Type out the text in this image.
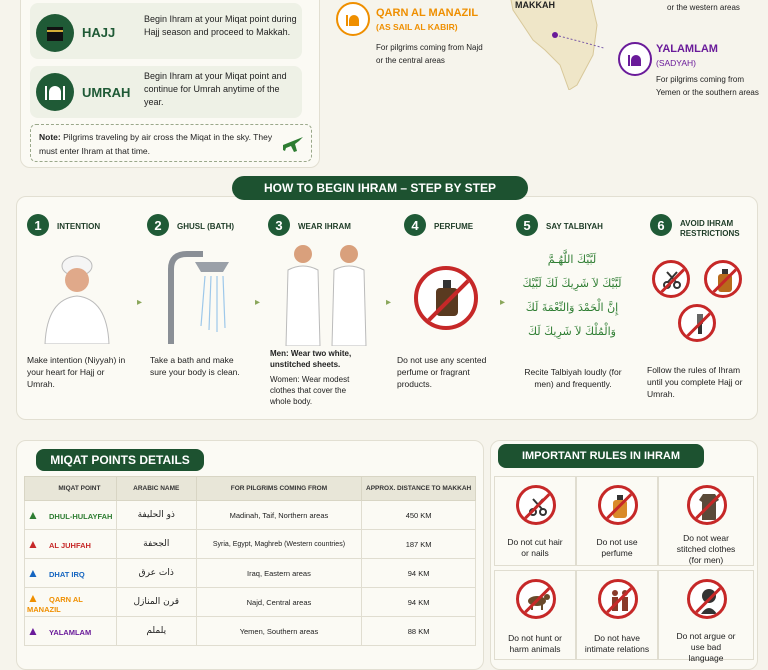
HAJJ
Begin Ihram at your Miqat point during Hajj season and proceed to Makkah.
UMRAH
Begin Ihram at your Miqat point and continue for Umrah anytime of the year.
Note: Pilgrims traveling by air cross the Miqat in the sky. They must enter Ihram at that time.
QARN AL MANAZIL
(AS SAIL AL KABIR)
For pilgrims coming from Najd or the central areas
MAKKAH	or the western areas
YALAMLAM
(SADYAH)
For pilgrims coming from Yemen or the southern areas
HOW TO BEGIN IHRAM – STEP BY STEP
1	INTENTION
Make intention (Niyyah) in your heart for Hajj or Umrah.
▸
2	GHUSL (BATH)
Take a bath and make sure your body is clean.
▸
3	WEAR IHRAM
Men: Wear two white, unstitched sheets.
Women: Wear modest clothes that cover the whole body.
▸
4	PERFUME
Do not use any scented perfume or fragrant products.
▸
5	SAY TALBIYAH
لَبَّيْكَ اللَّهُـمَّ
لَبَّيْكَ لاَ شَرِيكَ لَكَ لَبَّيْكَ
إِنَّ الْحَمْدَ وَالنِّعْمَةَ لَكَ
وَالْمُلْكَ لاَ شَرِيكَ لَكَ
Recite Talbiyah loudly (for men) and frequently.
6	AVOID IHRAM RESTRICTIONS
Follow the rules of Ihram until you complete Hajj or Umrah.
MIQAT POINTS DETAILS
MIQAT POINT	ARABIC NAME	FOR PILGRIMS COMING FROM	APPROX. DISTANCE TO MAKKAH
▲ DHUL-HULAYFAH	ذو الحليفة	Madinah, Taif, Northern areas	450 KM
▲ AL JUHFAH	الجحفة	Syria, Egypt, Maghreb (Western countries)	187 KM
▲ DHAT IRQ	ذات عرق	Iraq, Eastern areas	94 KM
▲ QARN AL MANAZIL	قرن المنازل	Najd, Central areas	94 KM
▲ YALAMLAM	يلملم	Yemen, Southern areas	88 KM
IMPORTANT RULES IN IHRAM
Do not cut hair or nails
Do not use perfume
Do not wear stitched clothes (for men)
Do not hunt or harm animals
Do not have intimate relations
Do not argue or use bad language
